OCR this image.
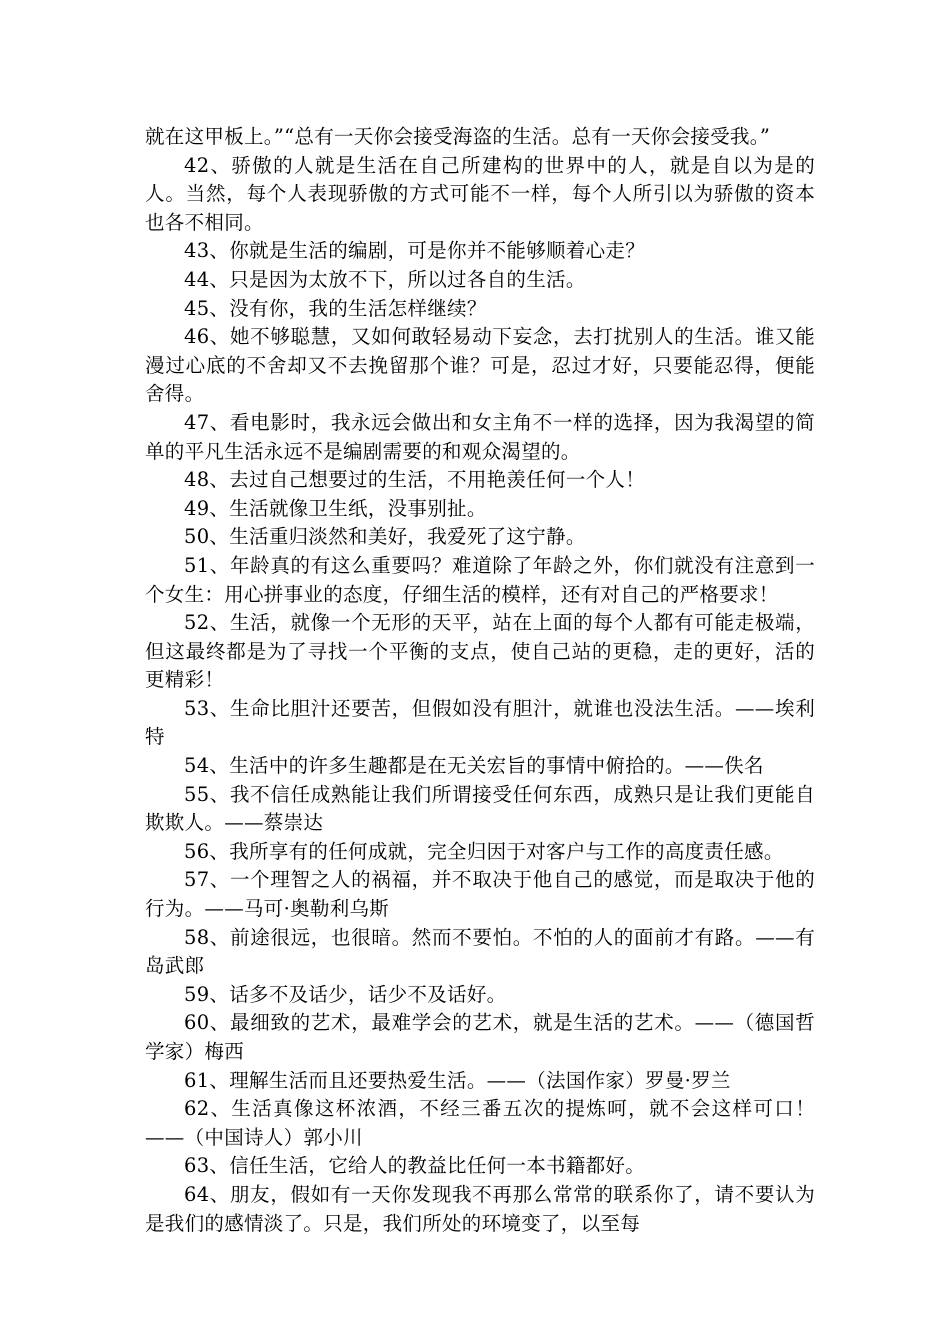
就在这甲板上。”“总有一天你会接受海盗的生活。总有一天你会接受我。”

42、骄傲的人就是生活在自己所建构的世界中的人，就是自以为是的人。当然，每个人表现骄傲的方式可能不一样，每个人所引以为骄傲的资本也各不相同。

43、你就是生活的编剧，可是你并不能够顺着心走？

44、只是因为太放不下，所以过各自的生活。

45、没有你，我的生活怎样继续？

46、她不够聪慧，又如何敢轻易动下妄念，去打扰别人的生活。谁又能漫过心底的不舍却又不去挽留那个谁？可是，忍过才好，只要能忍得，便能舍得。

47、看电影时，我永远会做出和女主角不一样的选择，因为我渴望的简单的平凡生活永远不是编剧需要的和观众渴望的。

48、去过自己想要过的生活，不用艳羡任何一个人！

49、生活就像卫生纸，没事别扯。

50、生活重归淡然和美好，我爱死了这宁静。

51、年龄真的有这么重要吗？难道除了年龄之外，你们就没有注意到一个女生：用心拼事业的态度，仔细生活的模样，还有对自己的严格要求！

52、生活，就像一个无形的天平，站在上面的每个人都有可能走极端，但这最终都是为了寻找一个平衡的支点，使自己站的更稳，走的更好，活的更精彩！

53、生命比胆汁还要苦，但假如没有胆汁，就谁也没法生活。——埃利特

54、生活中的许多生趣都是在无关宏旨的事情中俯拾的。——佚名

55、我不信任成熟能让我们所谓接受任何东西，成熟只是让我们更能自欺欺人。——蔡崇达

56、我所享有的任何成就，完全归因于对客户与工作的高度责任感。

57、一个理智之人的祸福，并不取决于他自己的感觉，而是取决于他的行为。——马可·奥勒利乌斯

58、前途很远，也很暗。然而不要怕。不怕的人的面前才有路。——有岛武郎

59、话多不及话少，话少不及话好。

60、最细致的艺术，最难学会的艺术，就是生活的艺术。——（德国哲学家）梅西

61、理解生活而且还要热爱生活。——（法国作家）罗曼·罗兰

62、生活真像这杯浓酒，不经三番五次的提炼呵，就不会这样可口！——（中国诗人）郭小川

63、信任生活，它给人的教益比任何一本书籍都好。

64、朋友，假如有一天你发现我不再那么常常的联系你了，请不要认为是我们的感情淡了。只是，我们所处的环境变了，以至每
